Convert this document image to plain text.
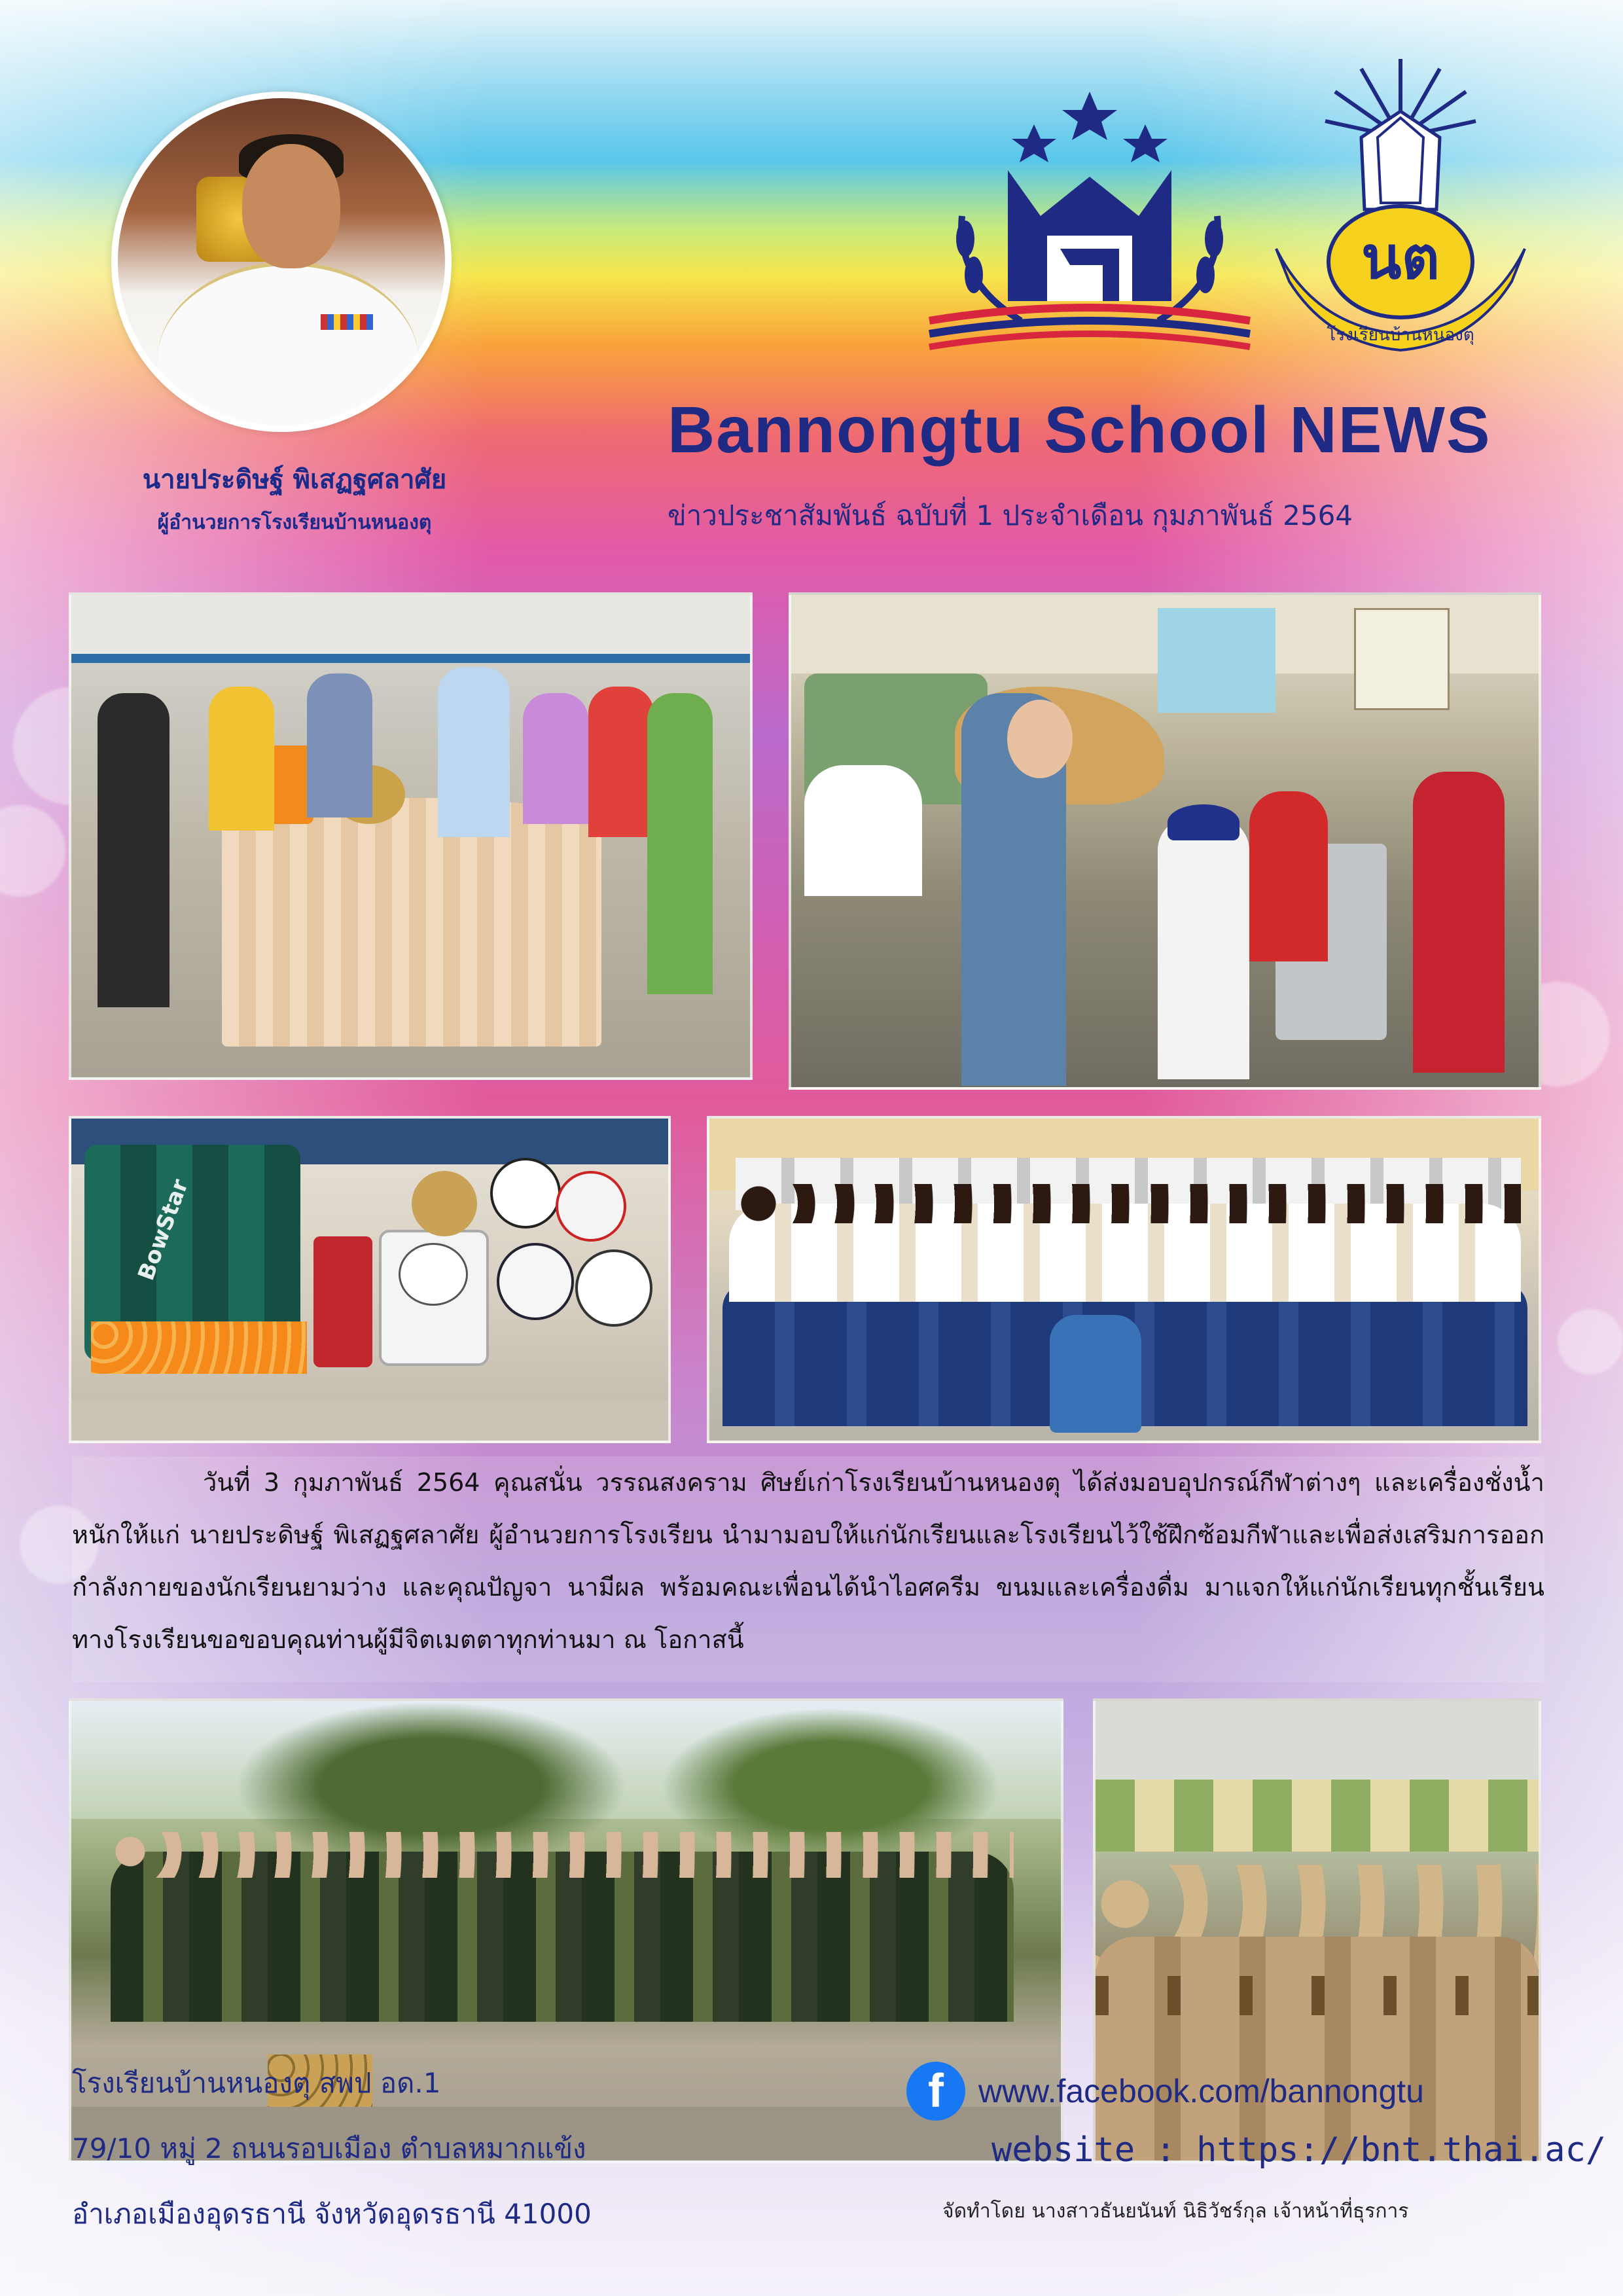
นายประดิษฐ์ พิเสฏฐศลาศัย
ผู้อำนวยการโรงเรียนบ้านหนองตุ
นต
โรงเรียนบ้านหนองตุ
Bannongtu School NEWS
ข่าวประชาสัมพันธ์ ฉบับที่ 1 ประจำเดือน กุมภาพันธ์ 2564
BowStar

วันที่ 3 กุมภาพันธ์ 2564 คุณสนั่น วรรณสงคราม ศิษย์เก่าโรงเรียนบ้านหนองตุ ได้ส่งมอบอุปกรณ์กีฬาต่างๆ และเครื่องชั่งน้ำหนักให้แก่ นายประดิษฐ์ พิเสฏฐศลาศัย ผู้อำนวยการโรงเรียน นำมามอบให้แก่นักเรียนและโรงเรียนไว้ใช้ฝึกซ้อมกีฬาและเพื่อส่งเสริมการออกกำลังกายของนักเรียนยามว่าง และคุณปัญจา นามีผล พร้อมคณะเพื่อนได้นำไอศครีม ขนมและเครื่องดื่ม มาแจกให้แก่นักเรียนทุกชั้นเรียน ทางโรงเรียนขอขอบคุณท่านผู้มีจิตเมตตาทุกท่านมา ณ โอกาสนี้

โรงเรียนบ้านหนองตุ สพป อด.1
79/10 หมู่ 2 ถนนรอบเมือง ตำบลหมากแข้ง
อำเภอเมืองอุดรธานี จังหวัดอุดรธานี 41000
f	www.facebook.com/bannongtu
website : https://bnt.thai.ac/
จัดทำโดย นางสาวธันยนันท์ นิธิวัชร์กุล เจ้าหน้าที่ธุรการ
